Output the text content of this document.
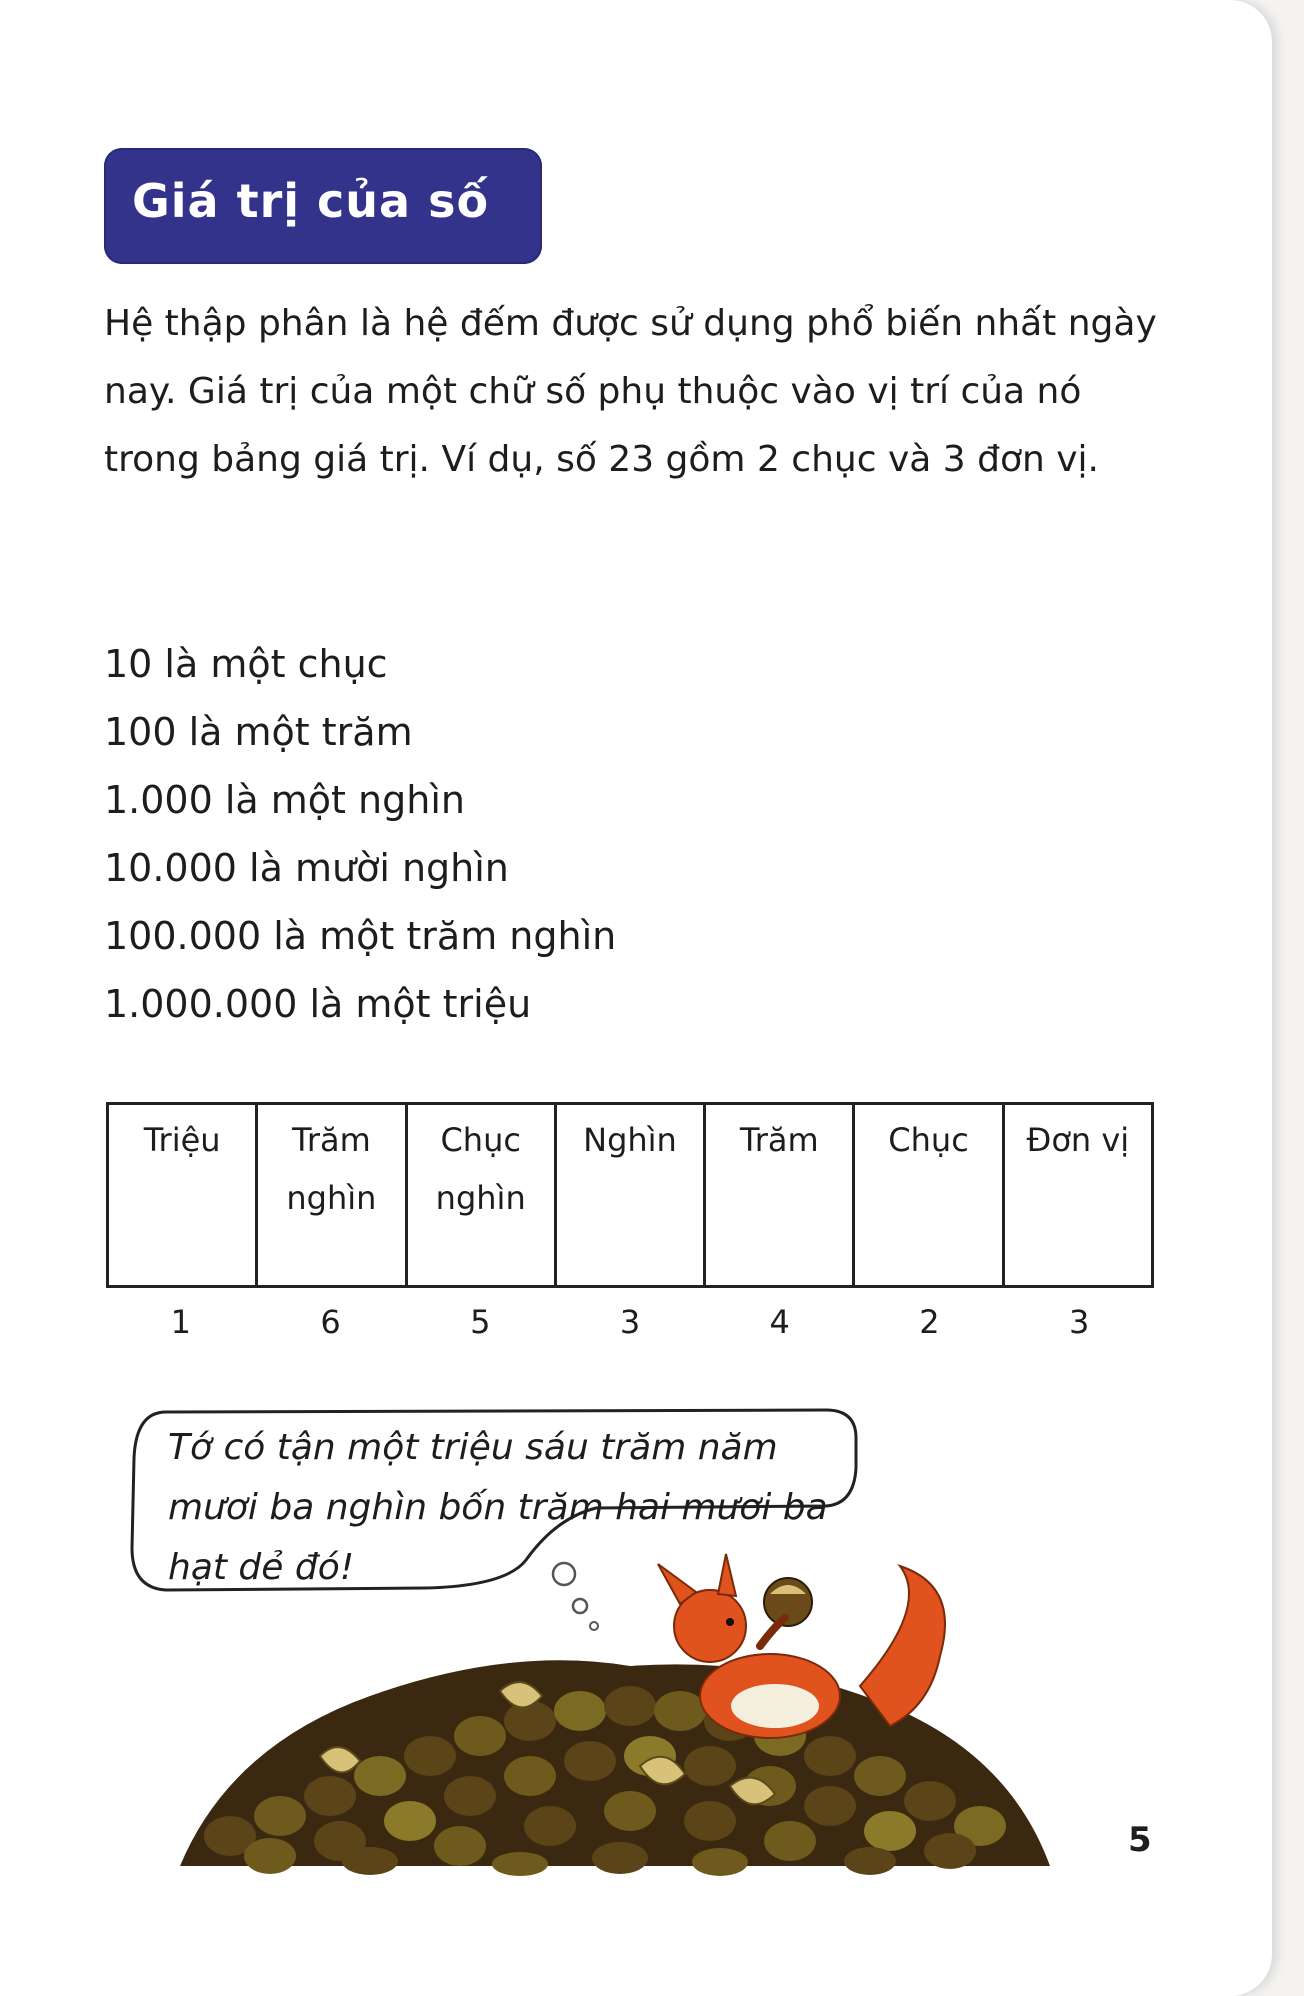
Giá trị của số

Hệ thập phân là hệ đếm được sử dụng phổ biến nhất ngày nay. Giá trị của một chữ số phụ thuộc vào vị trí của nó trong bảng giá trị. Ví dụ, số 23 gồm 2 chục và 3 đơn vị.

10 là một chục
100 là một trăm
1.000 là một nghìn
10.000 là mười nghìn
100.000 là một trăm nghìn
1.000.000 là một triệu
Triệu	Trăm nghìn	Chục nghìn	Nghìn	Trăm	Chục	Đơn vị
1	6	5	3	4	2	3

Tớ có tận một triệu sáu trăm năm mươi ba nghìn bốn trăm hai mươi ba hạt dẻ đó!

5
